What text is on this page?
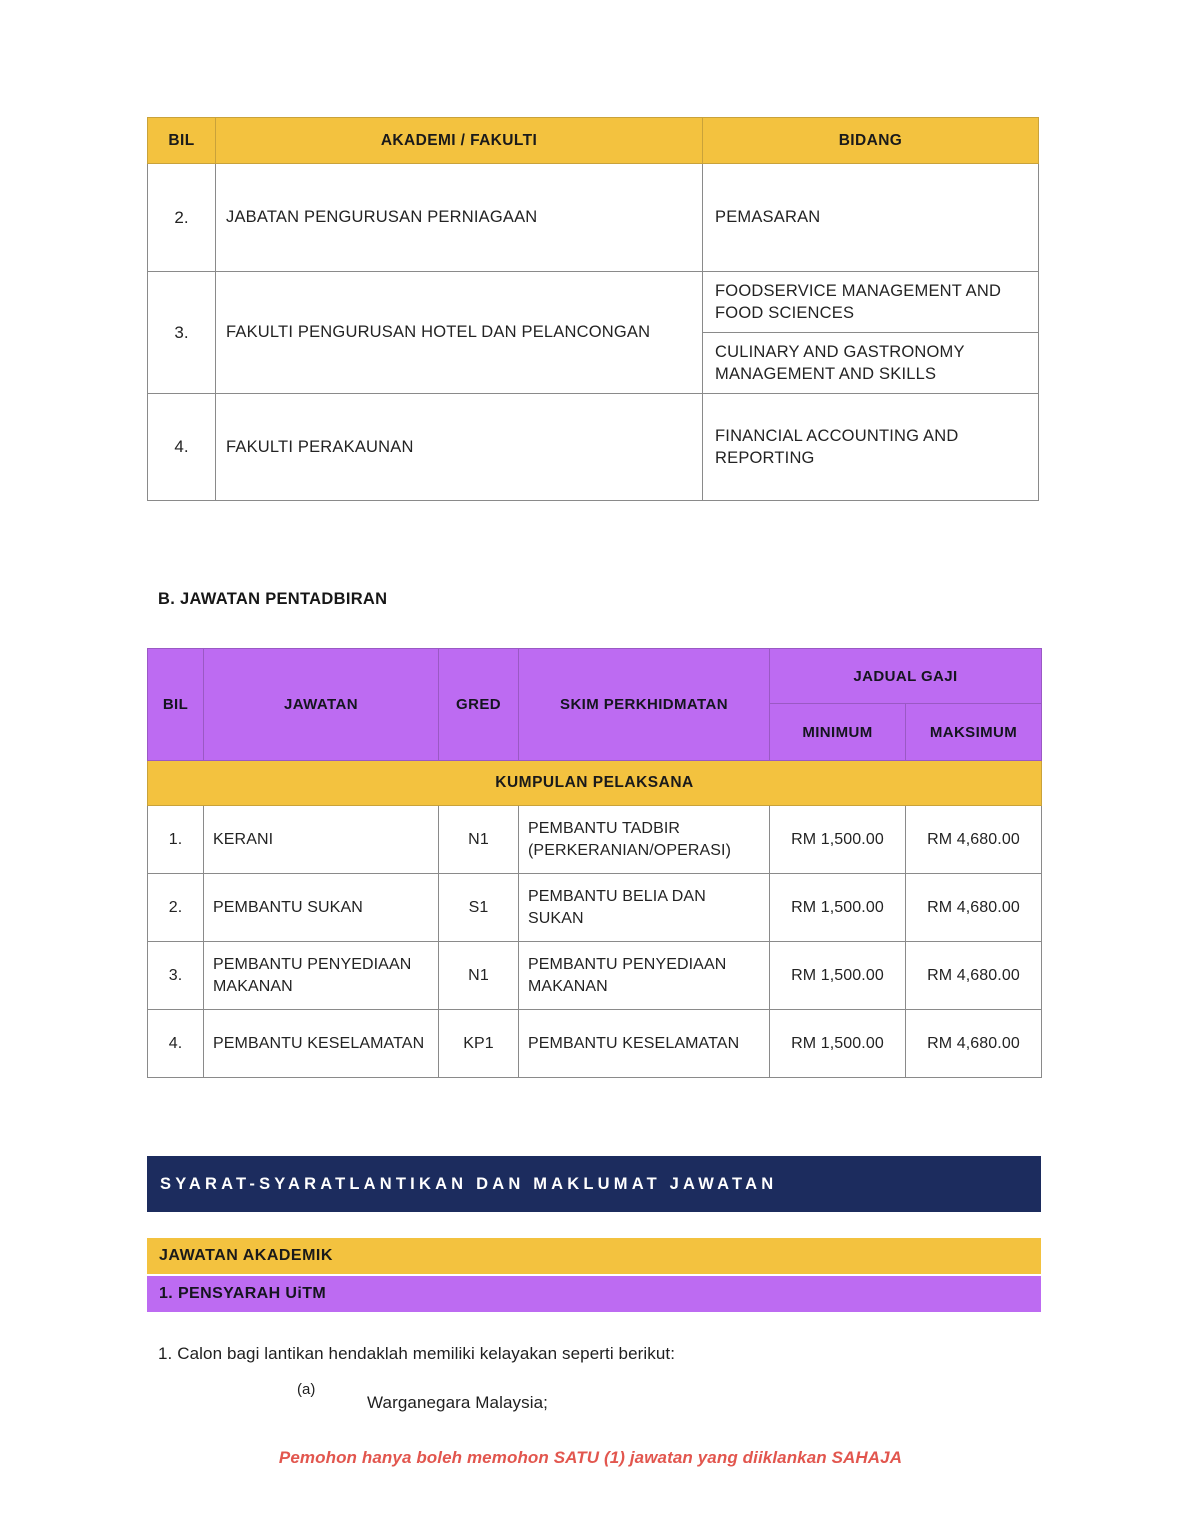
BIL	AKADEMI / FAKULTI	BIDANG
2.	JABATAN PENGURUSAN PERNIAGAAN	PEMASARAN
3.	FAKULTI PENGURUSAN HOTEL DAN PELANCONGAN	FOODSERVICE MANAGEMENT AND FOOD SCIENCES
		CULINARY AND GASTRONOMY MANAGEMENT AND SKILLS
4.	FAKULTI PERAKAUNAN	FINANCIAL ACCOUNTING AND REPORTING
B. JAWATAN PENTADBIRAN
BIL	JAWATAN	GRED	SKIM PERKHIDMATAN	JADUAL GAJI	
				MINIMUM	MAKSIMUM
KUMPULAN PELAKSANA					
1.	KERANI	N1	PEMBANTU TADBIR (PERKERANIAN/OPERASI)	RM 1,500.00	RM 4,680.00
2.	PEMBANTU SUKAN	S1	PEMBANTU BELIA DAN SUKAN	RM 1,500.00	RM 4,680.00
3.	PEMBANTU PENYEDIAAN MAKANAN	N1	PEMBANTU PENYEDIAAN MAKANAN	RM 1,500.00	RM 4,680.00
4.	PEMBANTU KESELAMATAN	KP1	PEMBANTU KESELAMATAN	RM 1,500.00	RM 4,680.00
SYARAT-SYARATLANTIKAN DAN MAKLUMAT JAWATAN
JAWATAN AKADEMIK
1. PENSYARAH UiTM
1. Calon bagi lantikan hendaklah memiliki kelayakan seperti berikut:
(a)
Warganegara Malaysia;
Pemohon hanya boleh memohon SATU (1) jawatan yang diiklankan SAHAJA
